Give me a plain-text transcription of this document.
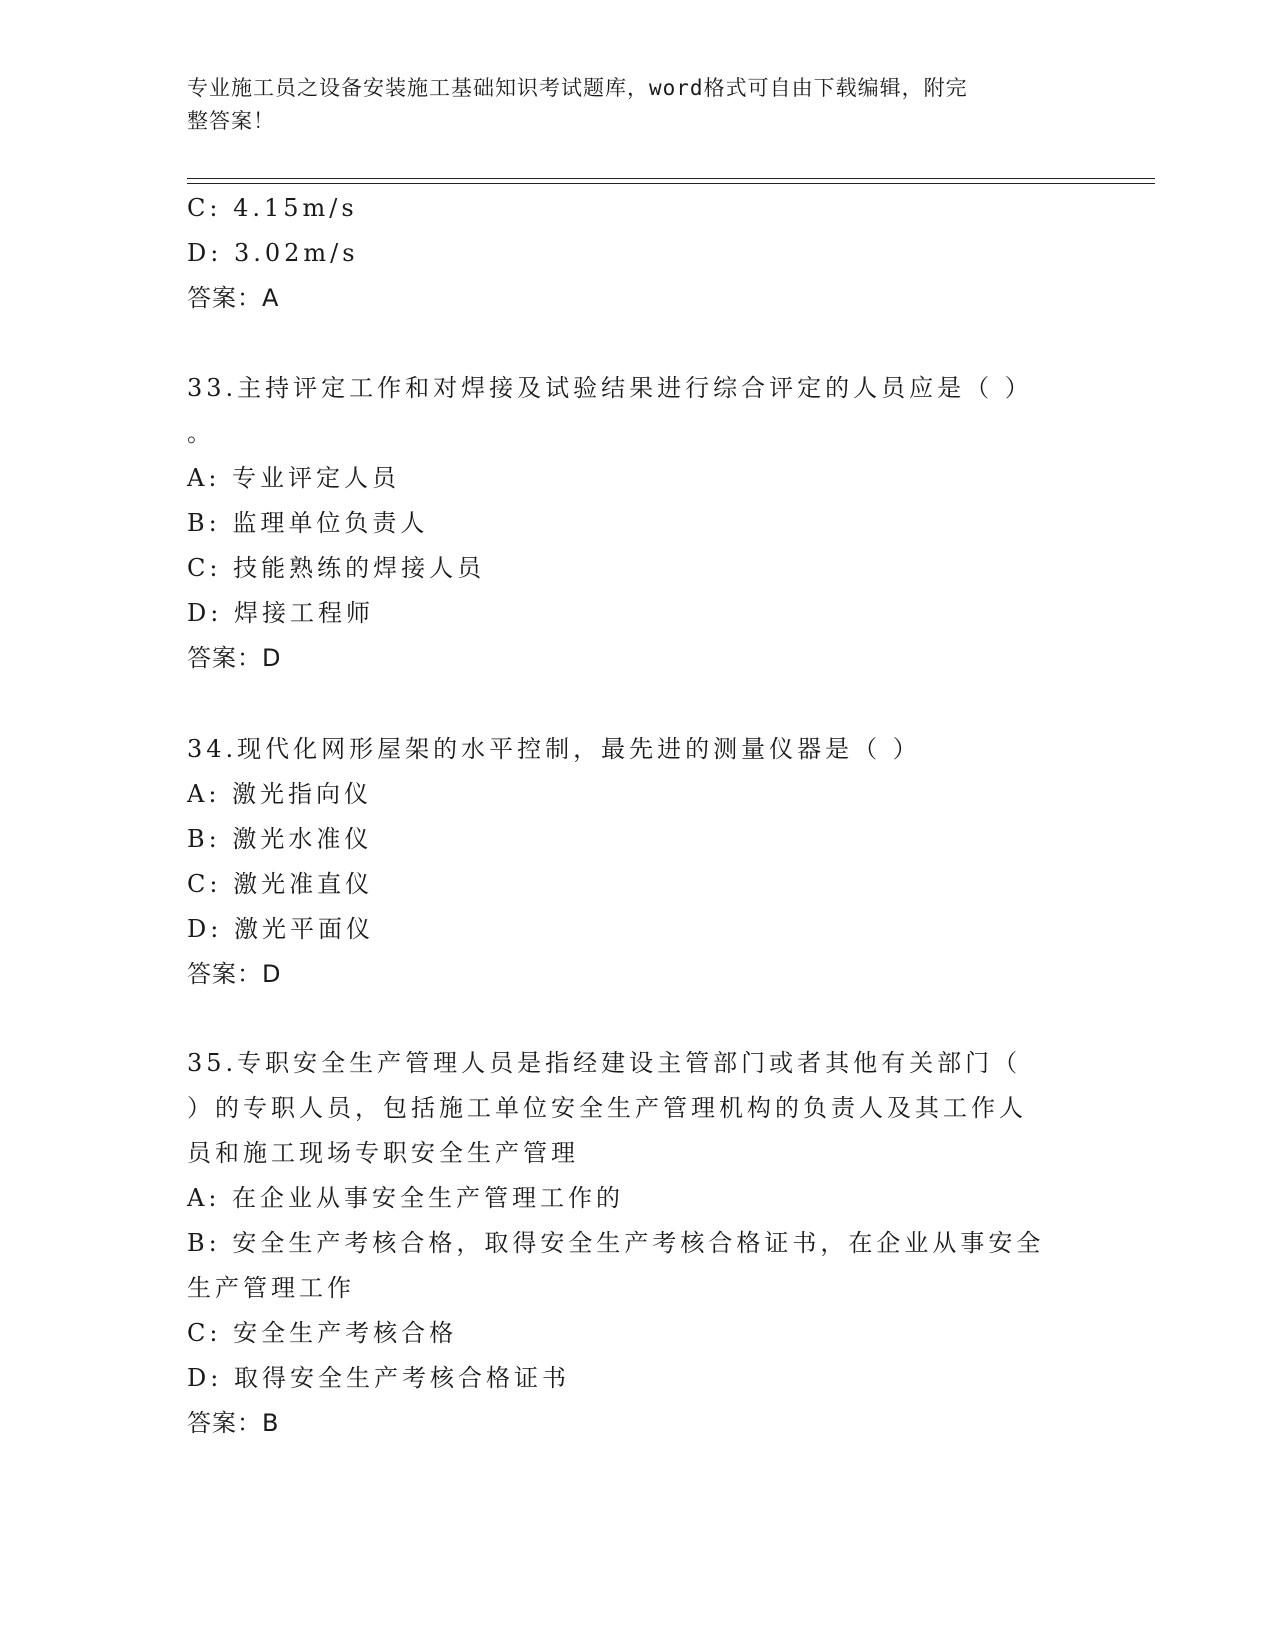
专业施工员之设备安装施工基础知识考试题库，word格式可自由下载编辑，附完
整答案！
C: 4.15m/s
D: 3.02m/s
答案：A
33.主持评定工作和对焊接及试验结果进行综合评定的人员应是（ ）
。
A: 专业评定人员
B: 监理单位负责人
C: 技能熟练的焊接人员
D: 焊接工程师
答案：D
34.现代化网形屋架的水平控制，最先进的测量仪器是（ ）
A: 激光指向仪
B: 激光水准仪
C: 激光准直仪
D: 激光平面仪
答案：D
35.专职安全生产管理人员是指经建设主管部门或者其他有关部门（
）的专职人员，包括施工单位安全生产管理机构的负责人及其工作人
员和施工现场专职安全生产管理
A: 在企业从事安全生产管理工作的
B: 安全生产考核合格，取得安全生产考核合格证书，在企业从事安全
生产管理工作
C: 安全生产考核合格
D: 取得安全生产考核合格证书
答案：B
